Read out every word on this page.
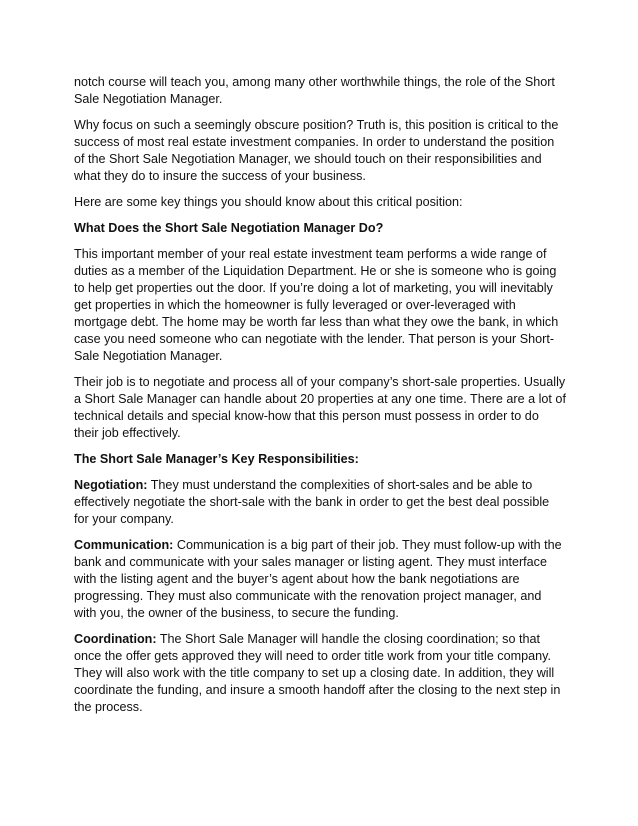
notch course will teach you, among many other worthwhile things, the role of the Short Sale Negotiation Manager.

Why focus on such a seemingly obscure position? Truth is, this position is critical to the success of most real estate investment companies. In order to understand the position of the Short Sale Negotiation Manager, we should touch on their responsibilities and what they do to insure the success of your business.

Here are some key things you should know about this critical position:

What Does the Short Sale Negotiation Manager Do?

This important member of your real estate investment team performs a wide range of duties as a member of the Liquidation Department. He or she is someone who is going to help get properties out the door. If you’re doing a lot of marketing, you will inevitably get properties in which the homeowner is fully leveraged or over-leveraged with mortgage debt. The home may be worth far less than what they owe the bank, in which case you need someone who can negotiate with the lender. That person is your Short-Sale Negotiation Manager.

Their job is to negotiate and process all of your company’s short-sale properties. Usually a Short Sale Manager can handle about 20 properties at any one time. There are a lot of technical details and special know-how that this person must possess in order to do their job effectively.

The Short Sale Manager’s Key Responsibilities:

Negotiation: They must understand the complexities of short-sales and be able to effectively negotiate the short-sale with the bank in order to get the best deal possible for your company.

Communication: Communication is a big part of their job. They must follow-up with the bank and communicate with your sales manager or listing agent. They must interface with the listing agent and the buyer’s agent about how the bank negotiations are progressing. They must also communicate with the renovation project manager, and with you, the owner of the business, to secure the funding.

Coordination: The Short Sale Manager will handle the closing coordination; so that once the offer gets approved they will need to order title work from your title company. They will also work with the title company to set up a closing date. In addition, they will coordinate the funding, and insure a smooth handoff after the closing to the next step in the process.
